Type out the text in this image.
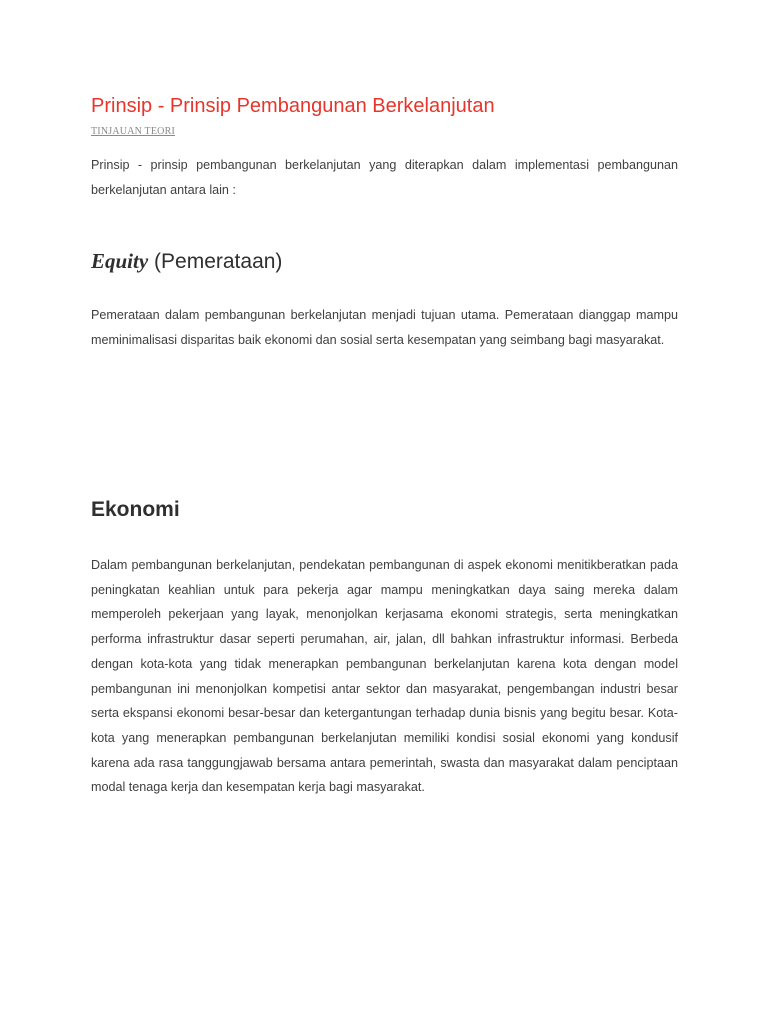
Prinsip - Prinsip Pembangunan Berkelanjutan
TINJAUAN TEORI

Prinsip - prinsip pembangunan berkelanjutan yang diterapkan dalam implementasi pembangunan berkelanjutan antara lain :

Equity (Pemerataan)

Pemerataan dalam pembangunan berkelanjutan menjadi tujuan utama. Pemerataan dianggap mampu meminimalisasi disparitas baik ekonomi dan sosial serta kesempatan yang seimbang bagi masyarakat.

Ekonomi

Dalam pembangunan berkelanjutan, pendekatan pembangunan di aspek ekonomi menitikberatkan pada peningkatan keahlian untuk para pekerja agar mampu meningkatkan daya saing mereka dalam memperoleh pekerjaan yang layak, menonjolkan kerjasama ekonomi strategis, serta meningkatkan performa infrastruktur dasar seperti perumahan, air, jalan, dll bahkan infrastruktur informasi. Berbeda dengan kota-kota yang tidak menerapkan pembangunan berkelanjutan karena kota dengan model pembangunan ini menonjolkan kompetisi antar sektor dan masyarakat, pengembangan industri besar serta ekspansi ekonomi besar-besar dan ketergantungan terhadap dunia bisnis yang begitu besar. Kota-kota yang menerapkan pembangunan berkelanjutan memiliki kondisi sosial ekonomi yang kondusif karena ada rasa tanggungjawab bersama antara pemerintah, swasta dan masyarakat dalam penciptaan modal tenaga kerja dan kesempatan kerja bagi masyarakat.
